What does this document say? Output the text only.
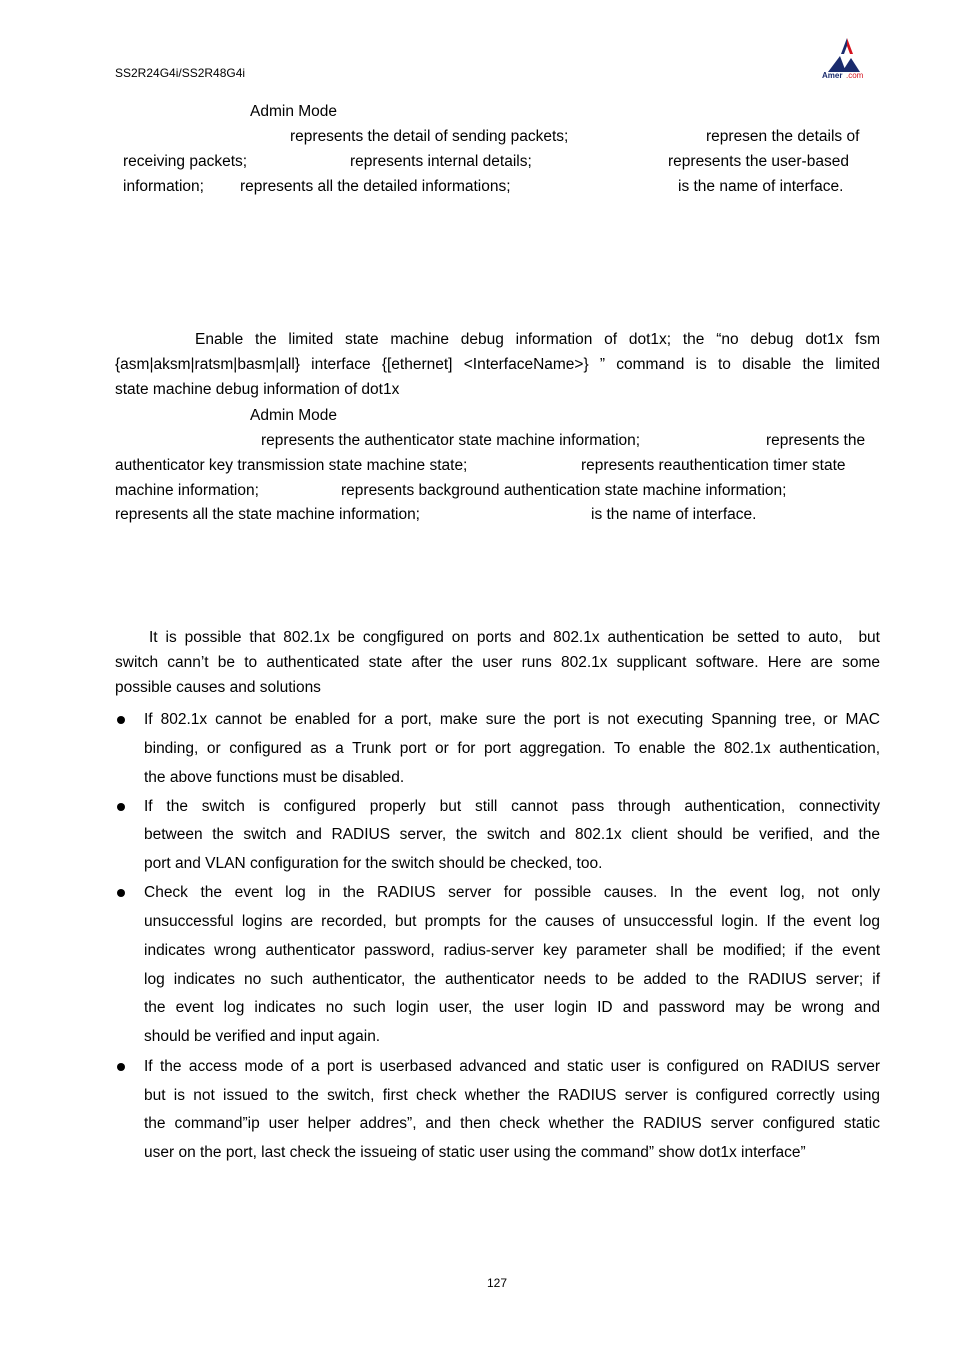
SS2R24G4i/SS2R48G4i	Amer .com
Admin Mode
represents the detail of sending packets;	represen the details of
receiving packets;	represents internal details;	represents the user-based
information; represents all the detailed informations;	is the name of interface.
Enable the limited state machine debug information of dot1x; the “no debug dot1x fsm
{asm|aksm|ratsm|basm|all} interface {[ethernet] <InterfaceName>} ” command is to disable the limited
state machine debug information of dot1x
Admin Mode
represents the authenticator state machine information;	represents the
authenticator key transmission state machine state;	represents reauthentication timer state
machine information;	represents background authentication state machine information;
represents all the state machine information;	is the name of interface.
It is possible that 802.1x be congfigured on ports and 802.1x authentication be setted to auto,  but
switch cann’t be to authenticated state after the user runs 802.1x supplicant software. Here are some
possible causes and solutions
If 802.1x cannot be enabled for a port, make sure the port is not executing Spanning tree, or MAC
binding, or configured as a Trunk port or for port aggregation. To enable the 802.1x authentication,
the above functions must be disabled.
If the switch is configured properly but still cannot pass through authentication, connectivity
between the switch and RADIUS server, the switch and 802.1x client should be verified, and the
port and VLAN configuration for the switch should be checked, too.
Check the event log in the RADIUS server for possible causes. In the event log, not only
unsuccessful logins are recorded, but prompts for the causes of unsuccessful login. If the event log
indicates wrong authenticator password, radius-server key parameter shall be modified; if the event
log indicates no such authenticator, the authenticator needs to be added to the RADIUS server; if
the event log indicates no such login user, the user login ID and password may be wrong and
should be verified and input again.
If the access mode of a port is userbased advanced and static user is configured on RADIUS server
but is not issued to the switch, first check whether the RADIUS server is configured correctly using
the command”ip user helper addres”, and then check whether the RADIUS server configured static
user on the port, last check the issueing of static user using the command” show dot1x interface”
127
